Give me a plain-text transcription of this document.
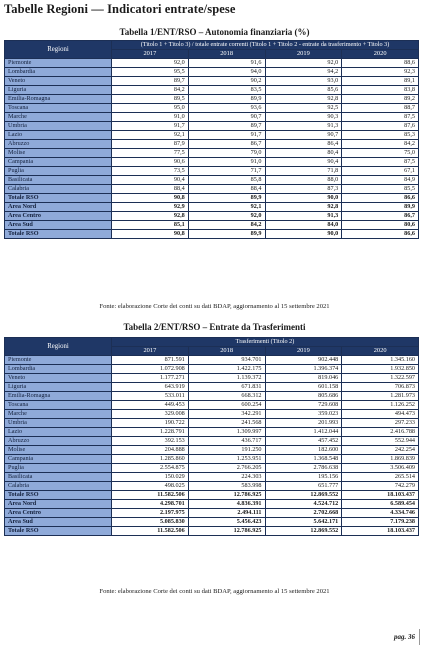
Tabelle Regioni — Indicatori entrate/spese
Tabella 1/ENT/RSO – Autonomia finanziaria (%)
Regioni	(Titolo 1 + Titolo 3) / totale entrate correnti (Titolo 1 + Titolo 2 - entrate da trasferimento + Titolo 3)			
	2017	2018	2019	2020
Piemonte	92,0	91,6	92,0	88,6
Lombardia	95,5	94,0	94,2	92,3
Veneto	89,7	90,2	93,0	89,1
Liguria	84,2	83,5	85,6	83,8
Emilia-Romagna	89,5	89,9	92,8	89,2
Toscana	95,0	93,6	92,5	88,7
Marche	91,0	90,7	90,3	87,5
Umbria	91,7	89,7	91,3	87,6
Lazio	92,1	91,7	90,7	85,3
Abruzzo	87,9	86,7	86,4	84,2
Molise	77,5	79,0	80,4	75,0
Campania	90,6	91,0	90,4	87,5
Puglia	73,5	71,7	71,8	67,1
Basilicata	90,4	85,8	88,0	84,9
Calabria	88,4	88,4	87,3	85,5
Totale RSO	90,8	89,9	90,0	86,6
Area Nord	92,9	92,1	92,8	89,9
Area Centro	92,8	92,0	91,3	86,7
Area Sud	85,1	84,2	84,0	80,6
Totale RSO	90,8	89,9	90,0	86,6
Fonte: elaborazione Corte dei conti su dati BDAP, aggiornamento al 15 settembre 2021
Tabella 2/ENT/RSO – Entrate da Trasferimenti
Regioni	Trasferimenti (Titolo 2)			
	2017	2018	2019	2020
Piemonte	871.591	934.701	902.448	1.345.160
Lombardia	1.072.908	1.422.175	1.396.374	1.932.850
Veneto	1.177.271	1.139.372	819.046	1.322.597
Liguria	643.919	671.831	601.158	706.873
Emilia-Romagna	533.011	668.312	805.686	1.281.973
Toscana	449.453	600.254	729.608	1.126.252
Marche	329.008	342.291	359.023	494.473
Umbria	190.722	241.568	201.993	297.233
Lazio	1.228.791	1.309.997	1.412.044	2.416.788
Abruzzo	392.153	436.717	457.452	552.944
Molise	204.888	191.250	182.600	242.254
Campania	1.285.860	1.253.951	1.368.548	1.869.839
Puglia	2.554.875	2.766.205	2.786.638	3.506.409
Basilicata	150.029	224.303	195.156	265.514
Calabria	498.025	583.998	651.777	742.279
Totale RSO	11.582.506	12.786.925	12.869.552	18.103.437
Area Nord	4.298.701	4.836.391	4.524.712	6.589.454
Area Centro	2.197.975	2.494.111	2.702.668	4.334.746
Area Sud	5.085.830	5.456.423	5.642.171	7.179.238
Totale RSO	11.582.506	12.786.925	12.869.552	18.103.437
Fonte: elaborazione Corte dei conti su dati BDAP, aggiornamento al 15 settembre 2021
pag. 36
